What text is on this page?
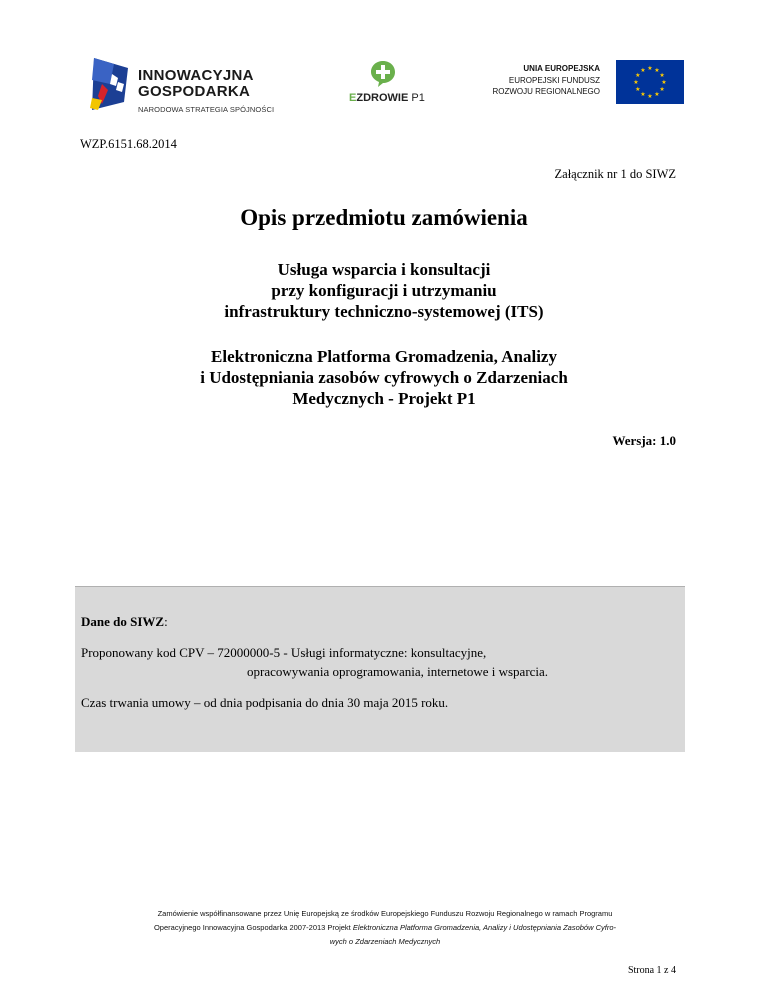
INNOWACYJNA
GOSPODARKA
NARODOWA STRATEGIA SPÓJNOŚCI
EZDROWIE P1
UNIA EUROPEJSKA
EUROPEJSKI FUNDUSZ
ROZWOJU REGIONALNEGO
★ ★
★
★
★
★
★
★
★
★
★
★
WZP.6151.68.2014
Załącznik nr 1 do SIWZ
Opis przedmiotu zamówienia
Usługa wsparcia i konsultacji
przy konfiguracji i utrzymaniu
infrastruktury techniczno-systemowej (ITS)
Elektroniczna Platforma Gromadzenia, Analizy
i Udostępniania zasobów cyfrowych o Zdarzeniach
Medycznych - Projekt P1
Wersja: 1.0
Dane do SIWZ:
Proponowany kod CPV – 72000000-5 - Usługi informatyczne: konsultacyjne,
opracowywania oprogramowania, internetowe i wsparcia.
Czas trwania umowy – od dnia podpisania do dnia 30 maja 2015 roku.
Zamówienie współfinansowane przez Unię Europejską ze środków Europejskiego Funduszu Rozwoju Regionalnego w ramach Programu
Operacyjnego Innowacyjna Gospodarka 2007-2013 Projekt Elektroniczna Platforma Gromadzenia, Analizy i Udostępniania Zasobów Cyfro-
wych o Zdarzeniach Medycznych
Strona 1 z 4
